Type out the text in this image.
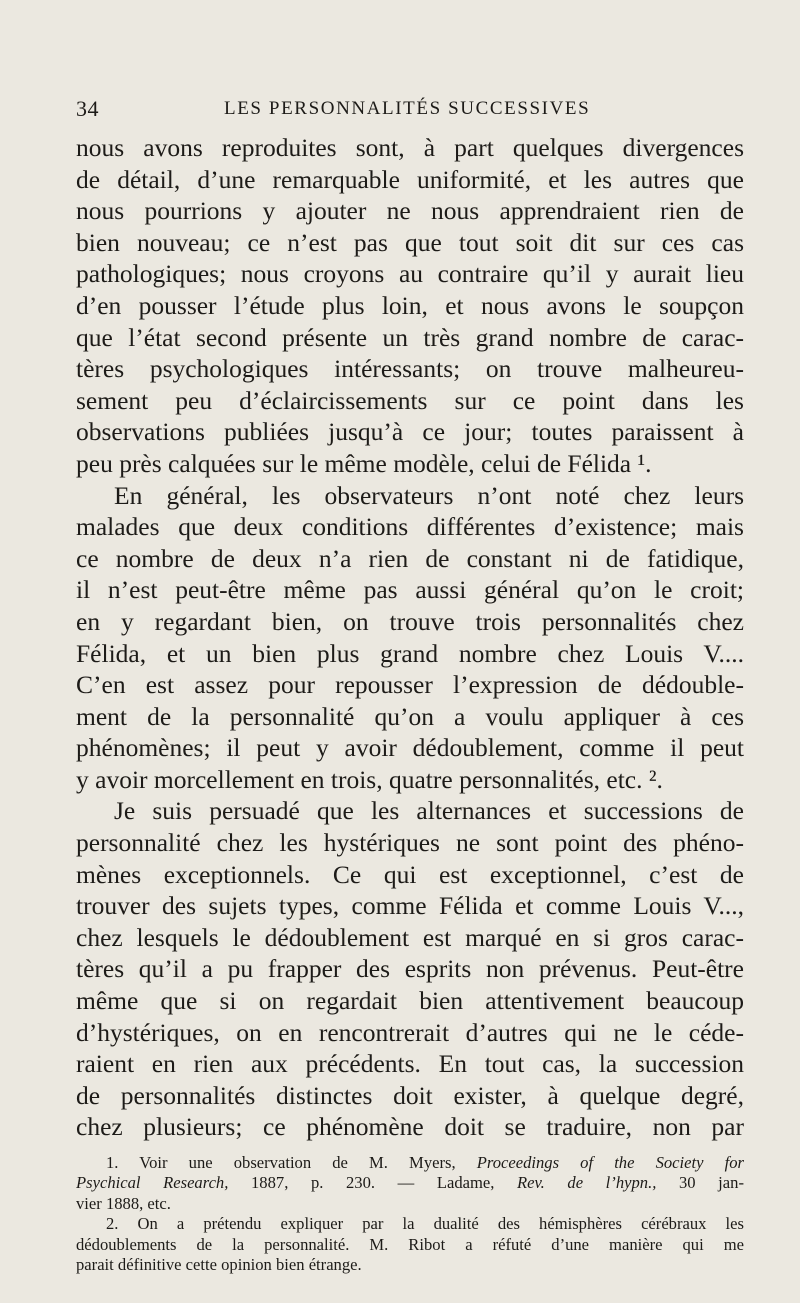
34	LES PERSONNALITÉS SUCCESSIVES
nous avons reproduites sont, à part quelques divergences
de détail, d’une remarquable uniformité, et les autres que
nous pourrions y ajouter ne nous apprendraient rien de
bien nouveau; ce n’est pas que tout soit dit sur ces cas
pathologiques; nous croyons au contraire qu’il y aurait lieu
d’en pousser l’étude plus loin, et nous avons le soupçon
que l’état second présente un très grand nombre de carac-
tères psychologiques intéressants; on trouve malheureu-
sement peu d’éclaircissements sur ce point dans les
observations publiées jusqu’à ce jour; toutes paraissent à
peu près calquées sur le même modèle, celui de Félida ¹.
En général, les observateurs n’ont noté chez leurs
malades que deux conditions différentes d’existence; mais
ce nombre de deux n’a rien de constant ni de fatidique,
il n’est peut-être même pas aussi général qu’on le croit;
en y regardant bien, on trouve trois personnalités chez
Félida, et un bien plus grand nombre chez Louis V....
C’en est assez pour repousser l’expression de dédouble-
ment de la personnalité qu’on a voulu appliquer à ces
phénomènes; il peut y avoir dédoublement, comme il peut
y avoir morcellement en trois, quatre personnalités, etc. ².
Je suis persuadé que les alternances et successions de
personnalité chez les hystériques ne sont point des phéno-
mènes exceptionnels. Ce qui est exceptionnel, c’est de
trouver des sujets types, comme Félida et comme Louis V...,
chez lesquels le dédoublement est marqué en si gros carac-
tères qu’il a pu frapper des esprits non prévenus. Peut-être
même que si on regardait bien attentivement beaucoup
d’hystériques, on en rencontrerait d’autres qui ne le céde-
raient en rien aux précédents. En tout cas, la succession
de personnalités distinctes doit exister, à quelque degré,
chez plusieurs; ce phénomène doit se traduire, non par
1. Voir une observation de M. Myers, Proceedings of the Society for
Psychical Research, 1887, p. 230. — Ladame, Rev. de l’hypn., 30 jan-
vier 1888, etc.
2. On a prétendu expliquer par la dualité des hémisphères cérébraux les
dédoublements de la personnalité. M. Ribot a réfuté d’une manière qui me
parait définitive cette opinion bien étrange.
